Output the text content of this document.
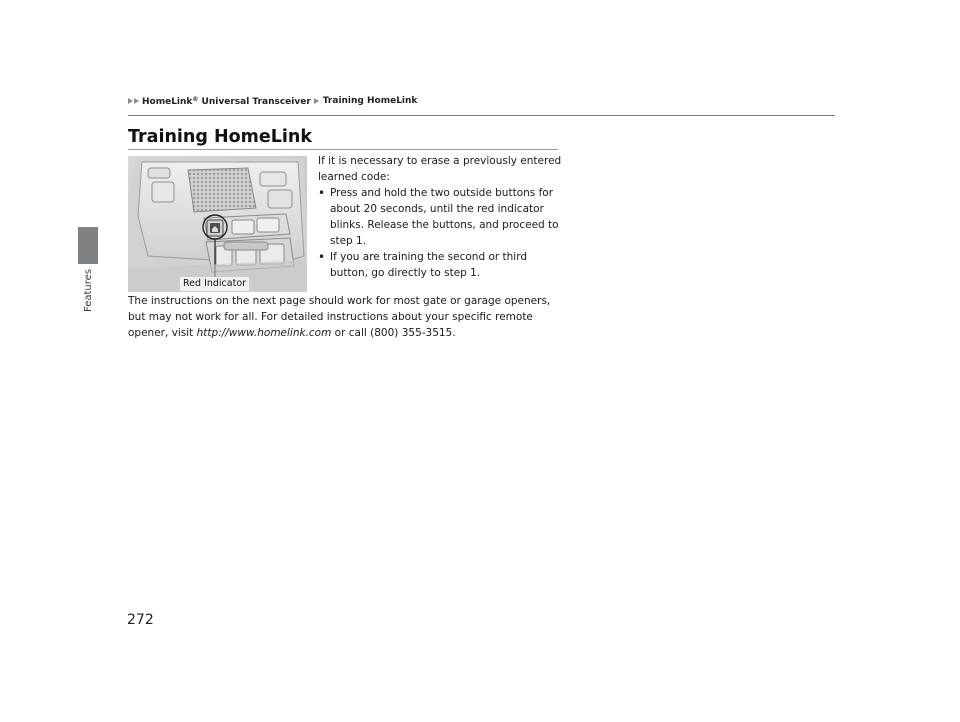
Features
HomeLink® Universal Transceiver Training HomeLink
Training HomeLink
Red Indicator

If it is necessary to erase a previously entered learned code:

• Press and hold the two outside buttons for about 20 seconds, until the red indicator blinks. Release the buttons, and proceed to step 1.
• If you are training the second or third button, go directly to step 1.

The instructions on the next page should work for most gate or garage openers, but may not work for all. For detailed instructions about your specific remote opener, visit http://www.homelink.com or call (800) 355-3515.

272
